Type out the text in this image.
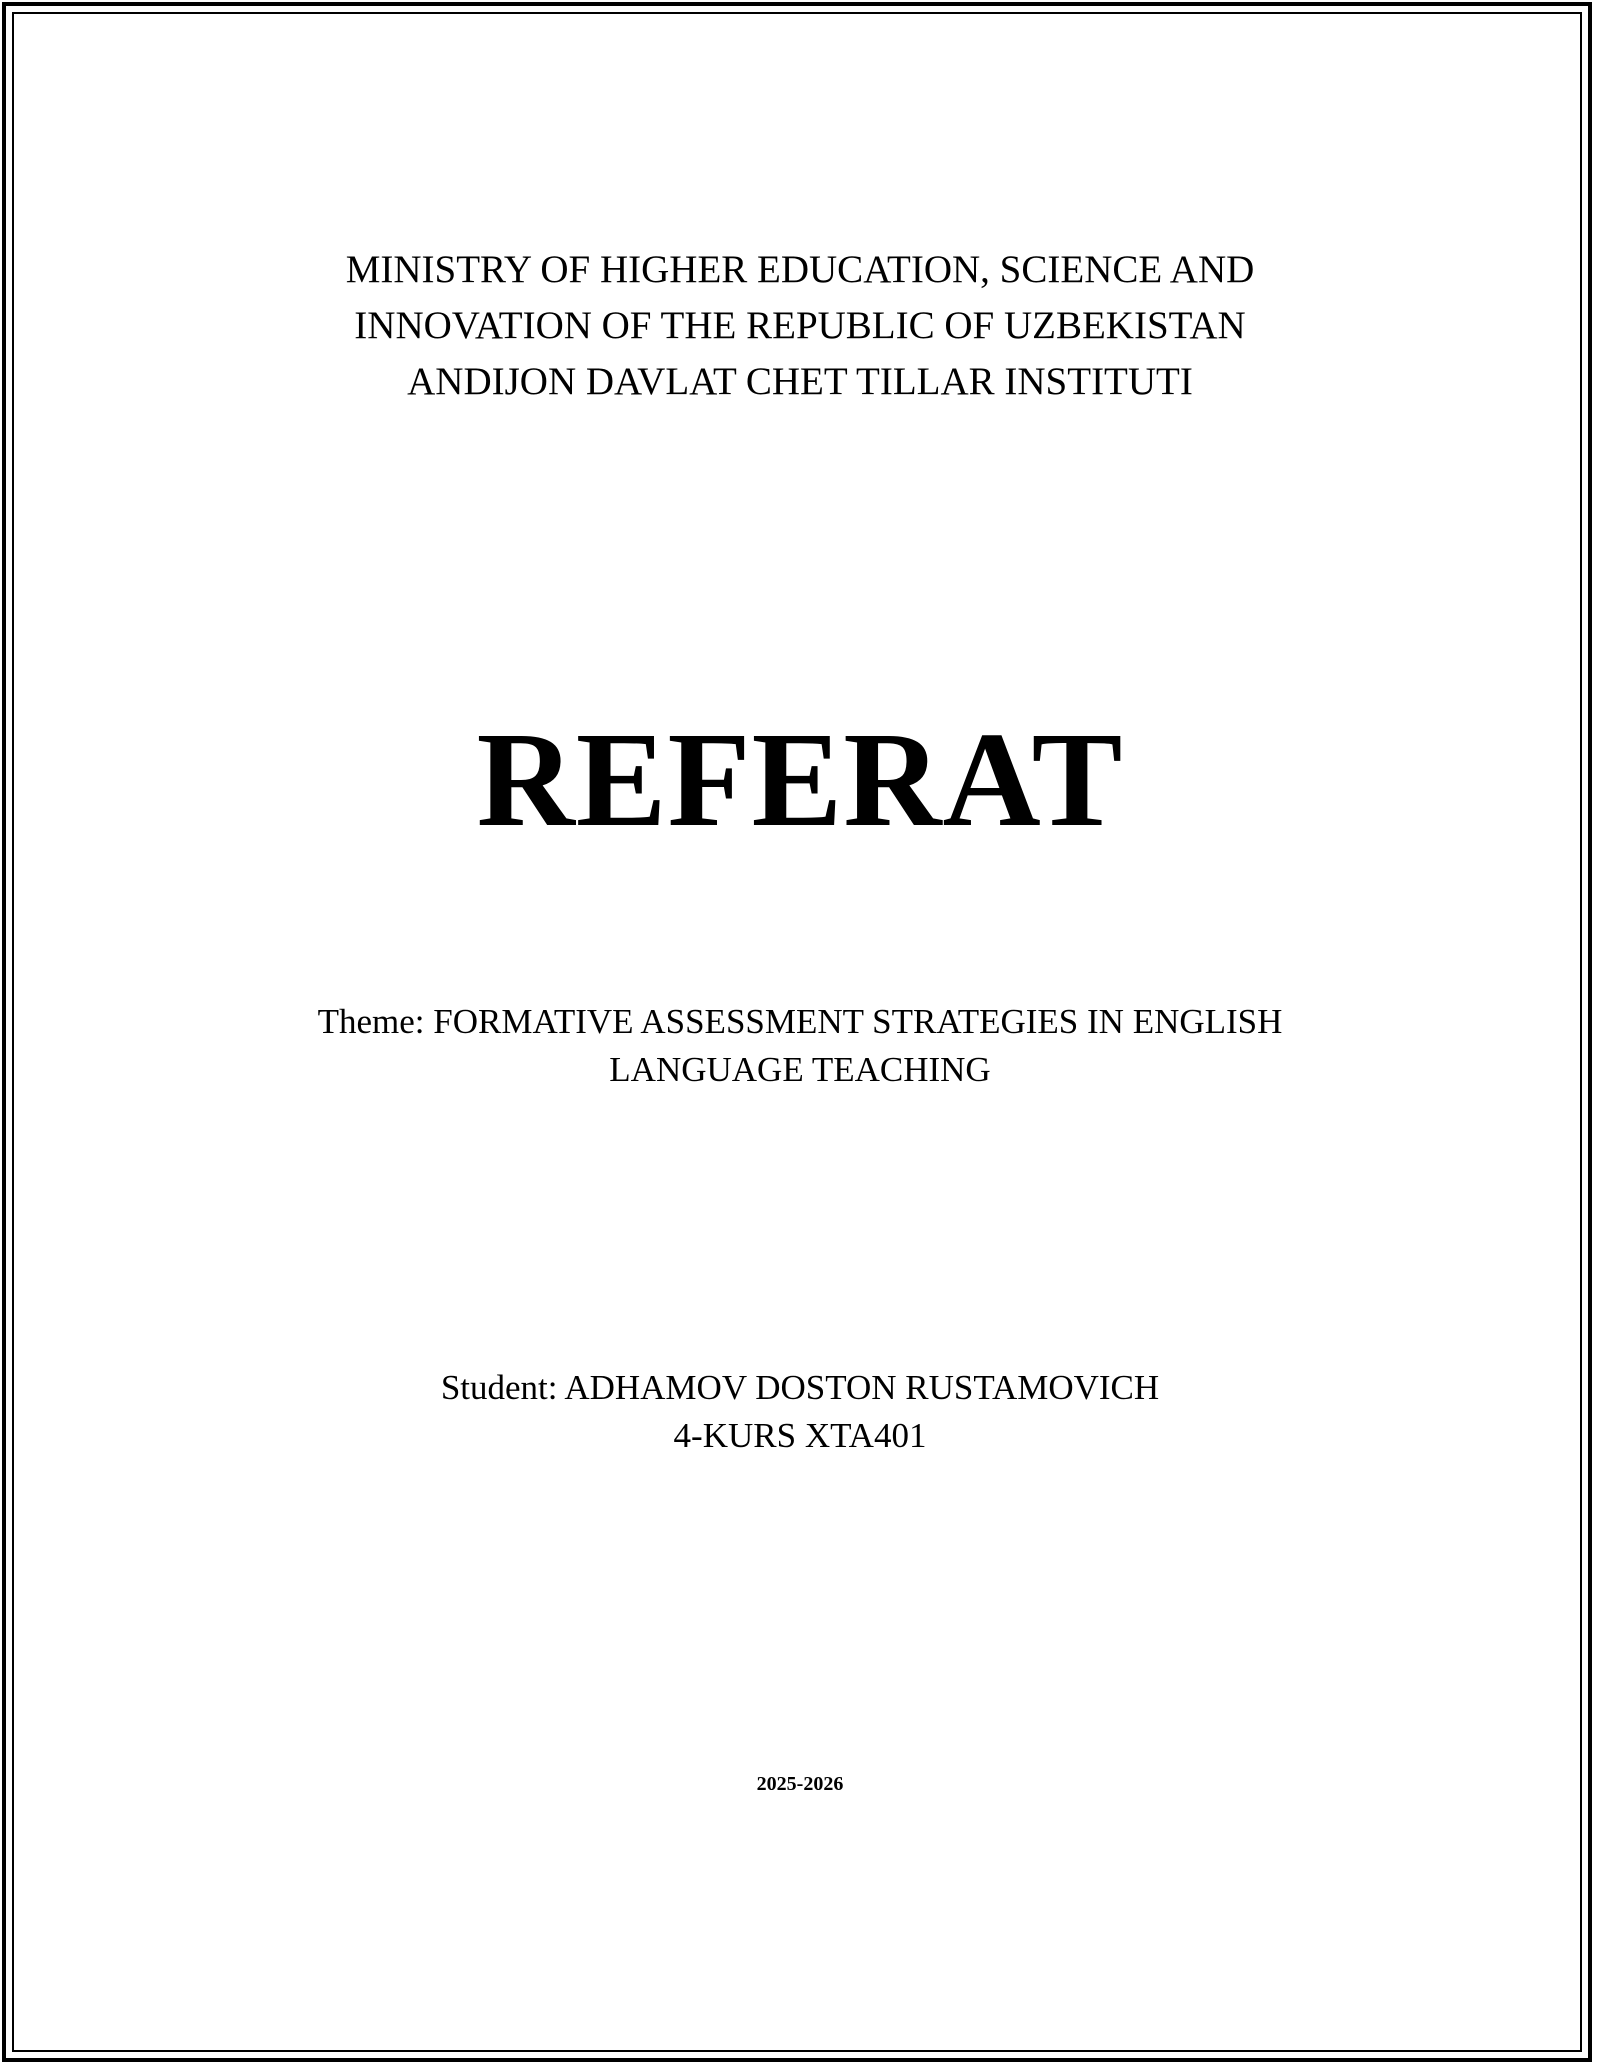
MINISTRY OF HIGHER EDUCATION, SCIENCE AND
INNOVATION OF THE REPUBLIC OF UZBEKISTAN
ANDIJON DAVLAT CHET TILLAR INSTITUTI
REFERAT
Theme: FORMATIVE ASSESSMENT STRATEGIES IN ENGLISH
LANGUAGE TEACHING
Student: ADHAMOV DOSTON RUSTAMOVICH
4-KURS XTA401
2025-2026
